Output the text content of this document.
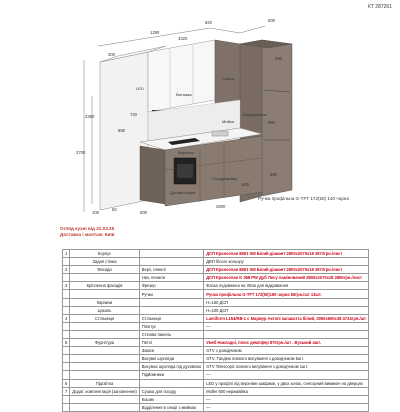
КТ 287261
1290
820	600
3320
2350
2700	Варочна
Витяжка
Сушка
Мийка
Холодильник
Духова шафа
Посудомийка
LED
100
60
600
2900
600
690
720
890
400
300
560
Ручка профільна G-TFT 172(50) 140 чорна
Огляд кухні від 21.03.25
Доставка і монтаж: Київ
1	Корпус		ДСП Кроноспан 8681 SM Білий діамант 2800х2070х18 2872грн./лист
	Задня стінка		ДВП білого кольору
2	Фасади	Верх, панелі	ДСП Кроноспан 8681 SM Білий діамант 2800х2070х18 2872грн./лист
		Низ, пенали	ДСП Кроноспан K 368 PW Дуб Лесу ламінований 2800х2070х18 2850грн./лист
3	Кріплення фасадів	Фрезер	Фаска подовжена на 30см для відкривання
		Ручки	Ручка профільна G-TFT 172(50)160 чорна 58грн./шт 13шт.
	Карнизи		H=150 ДСП
	Цоколь		H=100 ДСП
4	Стільниця	Стільниця	Lamiform L154/RB-1 с Мармур Актопі калакатта білий, 3050х600х38 4724грн./шт
		Плінтус	—
		Стінова панель	
5	Фурнітура	Петлі	Умеб Накладні, плюс демпфер 870грн./шт . Вузький 4шт.
		Завіси	GTV з доводчиком
		Висувні шухляди	GTV. Тандем повного висування з доводчиком 5шт.
		Висувна шухляда під духовкою	GTV Telescopic повного висування з доводчиком 1шт.
		Підйомники	—
6	Підсвітка		LED у профілі під верхніми шафами, у двох зонах, сенсорний вимикач на дверцях
7	Додат. комплектація (заповнення)	Сушка для посуду	Muller 600 нержавійка
		Кошик	—
		Відділення в секції з мийкою	—
